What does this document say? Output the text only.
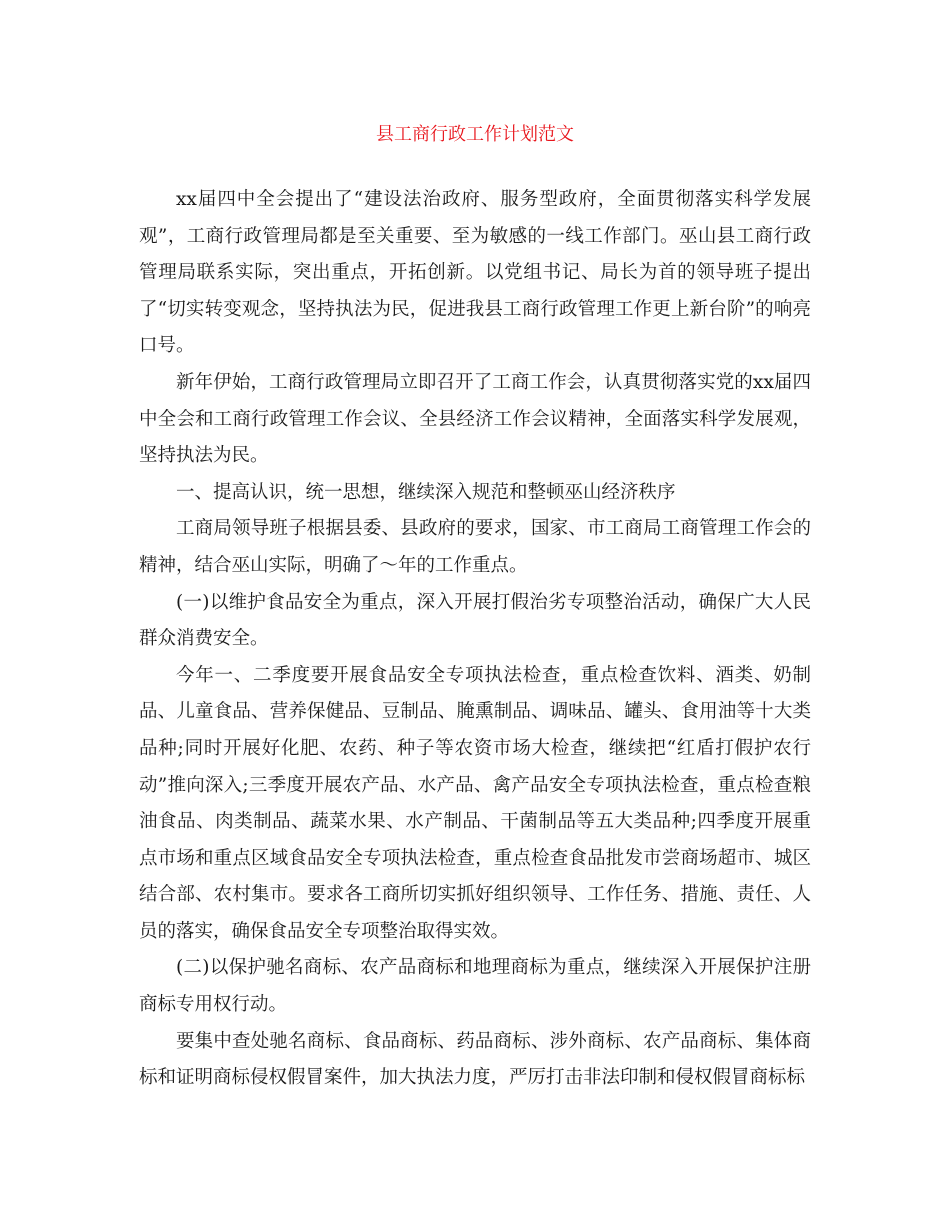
县工商行政工作计划范文

xx届四中全会提出了“建设法治政府、服务型政府，全面贯彻落实科学发展观”，工商行政管理局都是至关重要、至为敏感的一线工作部门。巫山县工商行政管理局联系实际，突出重点，开拓创新。以党组书记、局长为首的领导班子提出了“切实转变观念，坚持执法为民，促进我县工商行政管理工作更上新台阶”的响亮口号。

新年伊始，工商行政管理局立即召开了工商工作会，认真贯彻落实党的xx届四中全会和工商行政管理工作会议、全县经济工作会议精神，全面落实科学发展观，坚持执法为民。

一、提高认识，统一思想，继续深入规范和整顿巫山经济秩序

工商局领导班子根据县委、县政府的要求，国家、市工商局工商管理工作会的精神，结合巫山实际，明确了～年的工作重点。

(一)以维护食品安全为重点，深入开展打假治劣专项整治活动，确保广大人民群众消费安全。

今年一、二季度要开展食品安全专项执法检查，重点检查饮料、酒类、奶制品、儿童食品、营养保健品、豆制品、腌熏制品、调味品、罐头、食用油等十大类品种;同时开展好化肥、农药、种子等农资市场大检查，继续把“红盾打假护农行动”推向深入;三季度开展农产品、水产品、禽产品安全专项执法检查，重点检查粮油食品、肉类制品、蔬菜水果、水产制品、干菌制品等五大类品种;四季度开展重点市场和重点区域食品安全专项执法检查，重点检查食品批发市尝商场超市、城区结合部、农村集市。要求各工商所切实抓好组织领导、工作任务、措施、责任、人员的落实，确保食品安全专项整治取得实效。

(二)以保护驰名商标、农产品商标和地理商标为重点，继续深入开展保护注册商标专用权行动。

要集中查处驰名商标、食品商标、药品商标、涉外商标、农产品商标、集体商标和证明商标侵权假冒案件，加大执法力度，严厉打击非法印制和侵权假冒商标标
